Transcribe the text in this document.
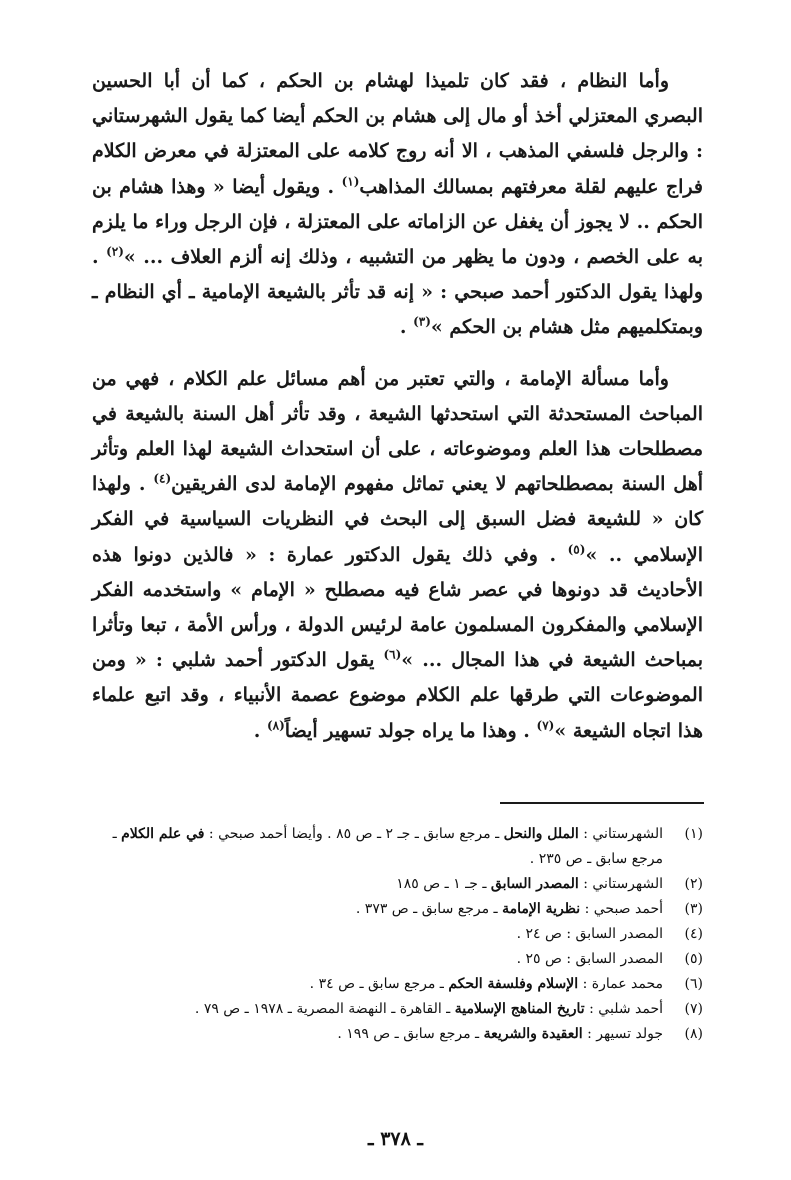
وأما النظام ، فقد كان تلميذا لهشام بن الحكم ، كما أن أبا الحسين البصري المعتزلي أخذ أو مال إلى هشام بن الحكم أيضا كما يقول الشهرستاني : والرجل فلسفي المذهب ، الا أنه روج كلامه على المعتزلة في معرض الكلام فراج عليهم لقلة معرفتهم بمسالك المذاهب$^{(١)}$ . ويقول أيضا « وهذا هشام بن الحكم .. لا يجوز أن يغفل عن الزاماته على المعتزلة ، فإن الرجل وراء ما يلزم به على الخصم ، ودون ما يظهر من التشبيه ، وذلك إنه ألزم العلاف ... »$^{(٢)}$ . ولهذا يقول الدكتور أحمد صبحي : « إنه قد تأثر بالشيعة الإمامية ـ أي النظام ـ وبمتكلميهم مثل هشام بن الحكم »$^{(٣)}$ .

وأما مسألة الإمامة ، والتي تعتبر من أهم مسائل علم الكلام ، فهي من المباحث المستحدثة التي استحدثها الشيعة ، وقد تأثر أهل السنة بالشيعة في مصطلحات هذا العلم وموضوعاته ، على أن استحداث الشيعة لهذا العلم وتأثر أهل السنة بمصطلحاتهم لا يعني تماثل مفهوم الإمامة لدى الفريقين$^{(٤)}$ . ولهذا كان « للشيعة فضل السبق إلى البحث في النظريات السياسية في الفكر الإسلامي .. »$^{(٥)}$ . وفي ذلك يقول الدكتور عمارة : « فالذين دونوا هذه الأحاديث قد دونوها في عصر شاع فيه مصطلح « الإمام » واستخدمه الفكر الإسلامي والمفكرون المسلمون عامة لرئيس الدولة ، ورأس الأمة ، تبعا وتأثرا بمباحث الشيعة في هذا المجال ... »$^{(٦)}$ يقول الدكتور أحمد شلبي : « ومن الموضوعات التي طرقها علم الكلام موضوع عصمة الأنبياء ، وقد اتبع علماء هذا اتجاه الشيعة »$^{(٧)}$ . وهذا ما يراه جولد تسهير أيضاً$^{(٨)}$ .

(١)
الشهرستاني : الملل والنحل ـ مرجع سابق ـ جـ ٢ ـ ص ٨٥ . وأيضا أحمد صبحي : في علم الكلام ـ مرجع سابق ـ ص ٢٣٥ .
(٢)
الشهرستاني : المصدر السابق ـ جـ ١ ـ ص ١٨٥
(٣)
أحمد صبحي : نظرية الإمامة ـ مرجع سابق ـ ص ٣٧٣ .
(٤)
المصدر السابق : ص ٢٤ .
(٥)
المصدر السابق : ص ٢٥ .
(٦)
محمد عمارة : الإسلام وفلسفة الحكم ـ مرجع سابق ـ ص ٣٤ .
(٧)
أحمد شلبي : تاريخ المناهج الإسلامية ـ القاهرة ـ النهضة المصرية ـ ١٩٧٨ ـ ص ٧٩ .
(٨)
جولد تسيهر : العقيدة والشريعة ـ مرجع سابق ـ ص ١٩٩ .
ـ ٣٧٨ ـ
